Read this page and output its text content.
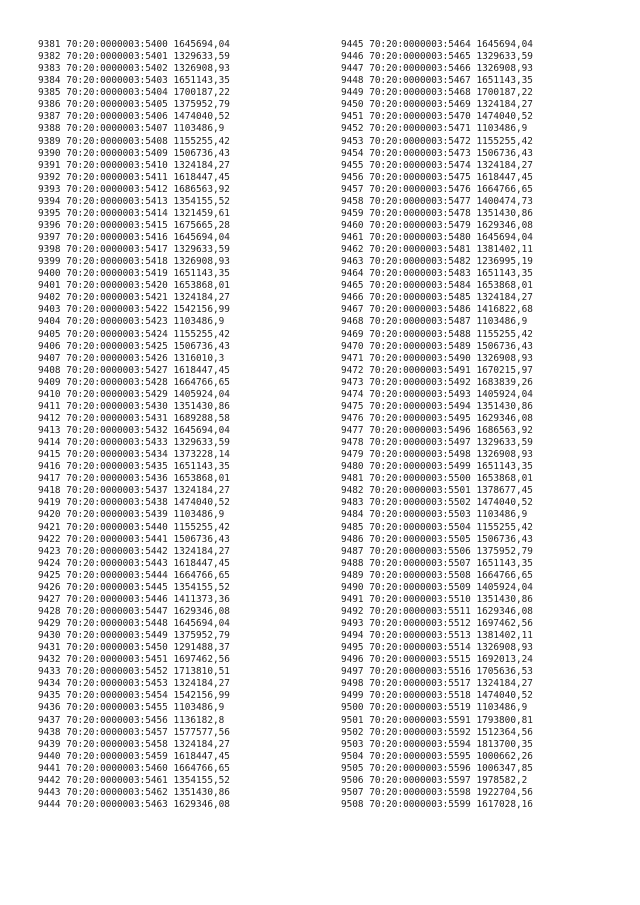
9381 70:20:0000003:5400 1645694,04
9382 70:20:0000003:5401 1329633,59
9383 70:20:0000003:5402 1326908,93
9384 70:20:0000003:5403 1651143,35
9385 70:20:0000003:5404 1700187,22
9386 70:20:0000003:5405 1375952,79
9387 70:20:0000003:5406 1474040,52
9388 70:20:0000003:5407 1103486,9
9389 70:20:0000003:5408 1155255,42
9390 70:20:0000003:5409 1506736,43
9391 70:20:0000003:5410 1324184,27
9392 70:20:0000003:5411 1618447,45
9393 70:20:0000003:5412 1686563,92
9394 70:20:0000003:5413 1354155,52
9395 70:20:0000003:5414 1321459,61
9396 70:20:0000003:5415 1675665,28
9397 70:20:0000003:5416 1645694,04
9398 70:20:0000003:5417 1329633,59
9399 70:20:0000003:5418 1326908,93
9400 70:20:0000003:5419 1651143,35
9401 70:20:0000003:5420 1653868,01
9402 70:20:0000003:5421 1324184,27
9403 70:20:0000003:5422 1542156,99
9404 70:20:0000003:5423 1103486,9
9405 70:20:0000003:5424 1155255,42
9406 70:20:0000003:5425 1506736,43
9407 70:20:0000003:5426 1316010,3
9408 70:20:0000003:5427 1618447,45
9409 70:20:0000003:5428 1664766,65
9410 70:20:0000003:5429 1405924,04
9411 70:20:0000003:5430 1351430,86
9412 70:20:0000003:5431 1689288,58
9413 70:20:0000003:5432 1645694,04
9414 70:20:0000003:5433 1329633,59
9415 70:20:0000003:5434 1373228,14
9416 70:20:0000003:5435 1651143,35
9417 70:20:0000003:5436 1653868,01
9418 70:20:0000003:5437 1324184,27
9419 70:20:0000003:5438 1474040,52
9420 70:20:0000003:5439 1103486,9
9421 70:20:0000003:5440 1155255,42
9422 70:20:0000003:5441 1506736,43
9423 70:20:0000003:5442 1324184,27
9424 70:20:0000003:5443 1618447,45
9425 70:20:0000003:5444 1664766,65
9426 70:20:0000003:5445 1354155,52
9427 70:20:0000003:5446 1411373,36
9428 70:20:0000003:5447 1629346,08
9429 70:20:0000003:5448 1645694,04
9430 70:20:0000003:5449 1375952,79
9431 70:20:0000003:5450 1291488,37
9432 70:20:0000003:5451 1697462,56
9433 70:20:0000003:5452 1713810,51
9434 70:20:0000003:5453 1324184,27
9435 70:20:0000003:5454 1542156,99
9436 70:20:0000003:5455 1103486,9
9437 70:20:0000003:5456 1136182,8
9438 70:20:0000003:5457 1577577,56
9439 70:20:0000003:5458 1324184,27
9440 70:20:0000003:5459 1618447,45
9441 70:20:0000003:5460 1664766,65
9442 70:20:0000003:5461 1354155,52
9443 70:20:0000003:5462 1351430,86
9444 70:20:0000003:5463 1629346,08
9445 70:20:0000003:5464 1645694,04
9446 70:20:0000003:5465 1329633,59
9447 70:20:0000003:5466 1326908,93
9448 70:20:0000003:5467 1651143,35
9449 70:20:0000003:5468 1700187,22
9450 70:20:0000003:5469 1324184,27
9451 70:20:0000003:5470 1474040,52
9452 70:20:0000003:5471 1103486,9
9453 70:20:0000003:5472 1155255,42
9454 70:20:0000003:5473 1506736,43
9455 70:20:0000003:5474 1324184,27
9456 70:20:0000003:5475 1618447,45
9457 70:20:0000003:5476 1664766,65
9458 70:20:0000003:5477 1400474,73
9459 70:20:0000003:5478 1351430,86
9460 70:20:0000003:5479 1629346,08
9461 70:20:0000003:5480 1645694,04
9462 70:20:0000003:5481 1381402,11
9463 70:20:0000003:5482 1236995,19
9464 70:20:0000003:5483 1651143,35
9465 70:20:0000003:5484 1653868,01
9466 70:20:0000003:5485 1324184,27
9467 70:20:0000003:5486 1416822,68
9468 70:20:0000003:5487 1103486,9
9469 70:20:0000003:5488 1155255,42
9470 70:20:0000003:5489 1506736,43
9471 70:20:0000003:5490 1326908,93
9472 70:20:0000003:5491 1670215,97
9473 70:20:0000003:5492 1683839,26
9474 70:20:0000003:5493 1405924,04
9475 70:20:0000003:5494 1351430,86
9476 70:20:0000003:5495 1629346,08
9477 70:20:0000003:5496 1686563,92
9478 70:20:0000003:5497 1329633,59
9479 70:20:0000003:5498 1326908,93
9480 70:20:0000003:5499 1651143,35
9481 70:20:0000003:5500 1653868,01
9482 70:20:0000003:5501 1378677,45
9483 70:20:0000003:5502 1474040,52
9484 70:20:0000003:5503 1103486,9
9485 70:20:0000003:5504 1155255,42
9486 70:20:0000003:5505 1506736,43
9487 70:20:0000003:5506 1375952,79
9488 70:20:0000003:5507 1651143,35
9489 70:20:0000003:5508 1664766,65
9490 70:20:0000003:5509 1405924,04
9491 70:20:0000003:5510 1351430,86
9492 70:20:0000003:5511 1629346,08
9493 70:20:0000003:5512 1697462,56
9494 70:20:0000003:5513 1381402,11
9495 70:20:0000003:5514 1326908,93
9496 70:20:0000003:5515 1692013,24
9497 70:20:0000003:5516 1705636,53
9498 70:20:0000003:5517 1324184,27
9499 70:20:0000003:5518 1474040,52
9500 70:20:0000003:5519 1103486,9
9501 70:20:0000003:5591 1793800,81
9502 70:20:0000003:5592 1512364,56
9503 70:20:0000003:5594 1813700,35
9504 70:20:0000003:5595 1000662,26
9505 70:20:0000003:5596 1006347,85
9506 70:20:0000003:5597 1978582,2
9507 70:20:0000003:5598 1922704,56
9508 70:20:0000003:5599 1617028,16
